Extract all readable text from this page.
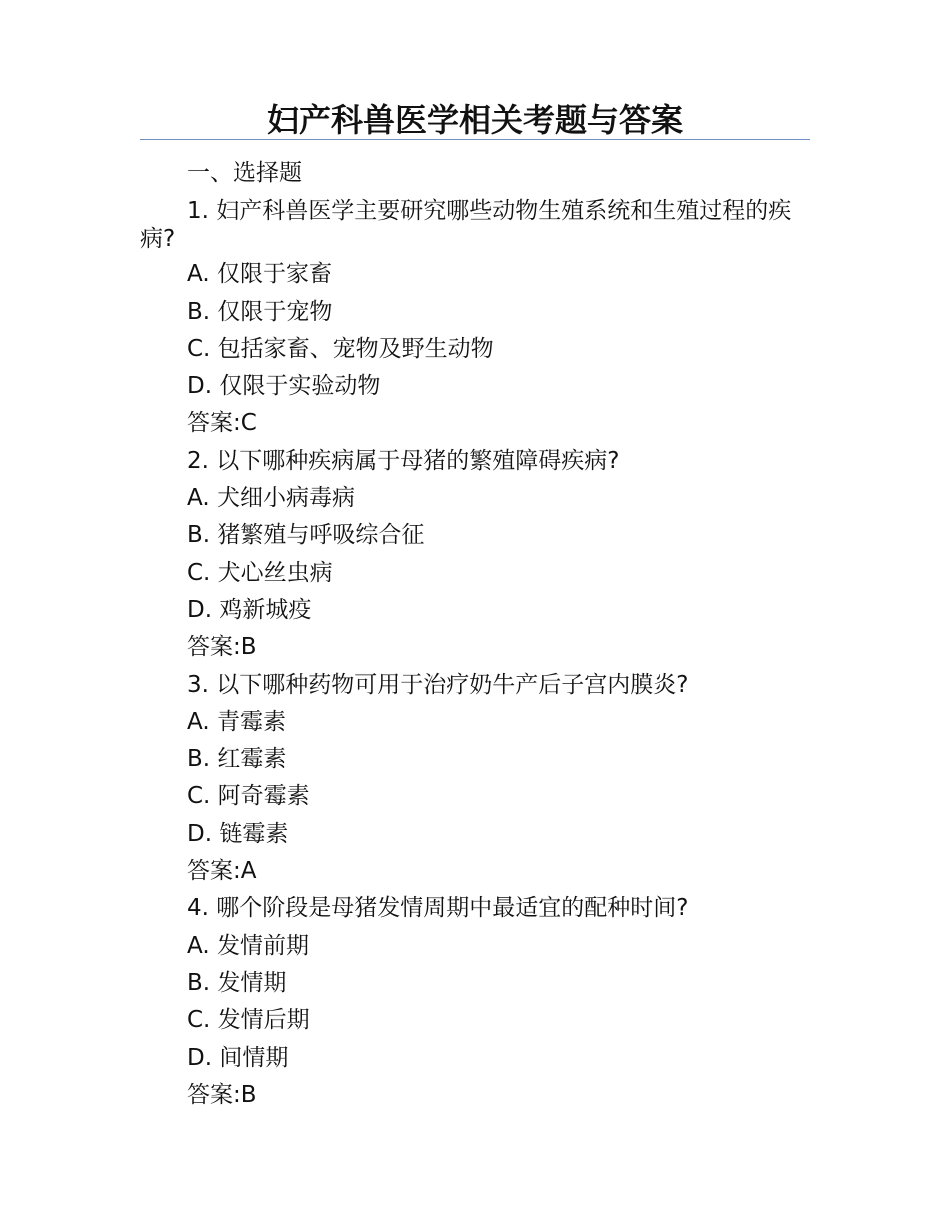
妇产科兽医学相关考题与答案
一、选择题
1. 妇产科兽医学主要研究哪些动物生殖系统和生殖过程的疾病?
A. 仅限于家畜
B. 仅限于宠物
C. 包括家畜、宠物及野生动物
D. 仅限于实验动物
答案:C
2. 以下哪种疾病属于母猪的繁殖障碍疾病?
A. 犬细小病毒病
B. 猪繁殖与呼吸综合征
C. 犬心丝虫病
D. 鸡新城疫
答案:B
3. 以下哪种药物可用于治疗奶牛产后子宫内膜炎?
A. 青霉素
B. 红霉素
C. 阿奇霉素
D. 链霉素
答案:A
4. 哪个阶段是母猪发情周期中最适宜的配种时间?
A. 发情前期
B. 发情期
C. 发情后期
D. 间情期
答案:B
